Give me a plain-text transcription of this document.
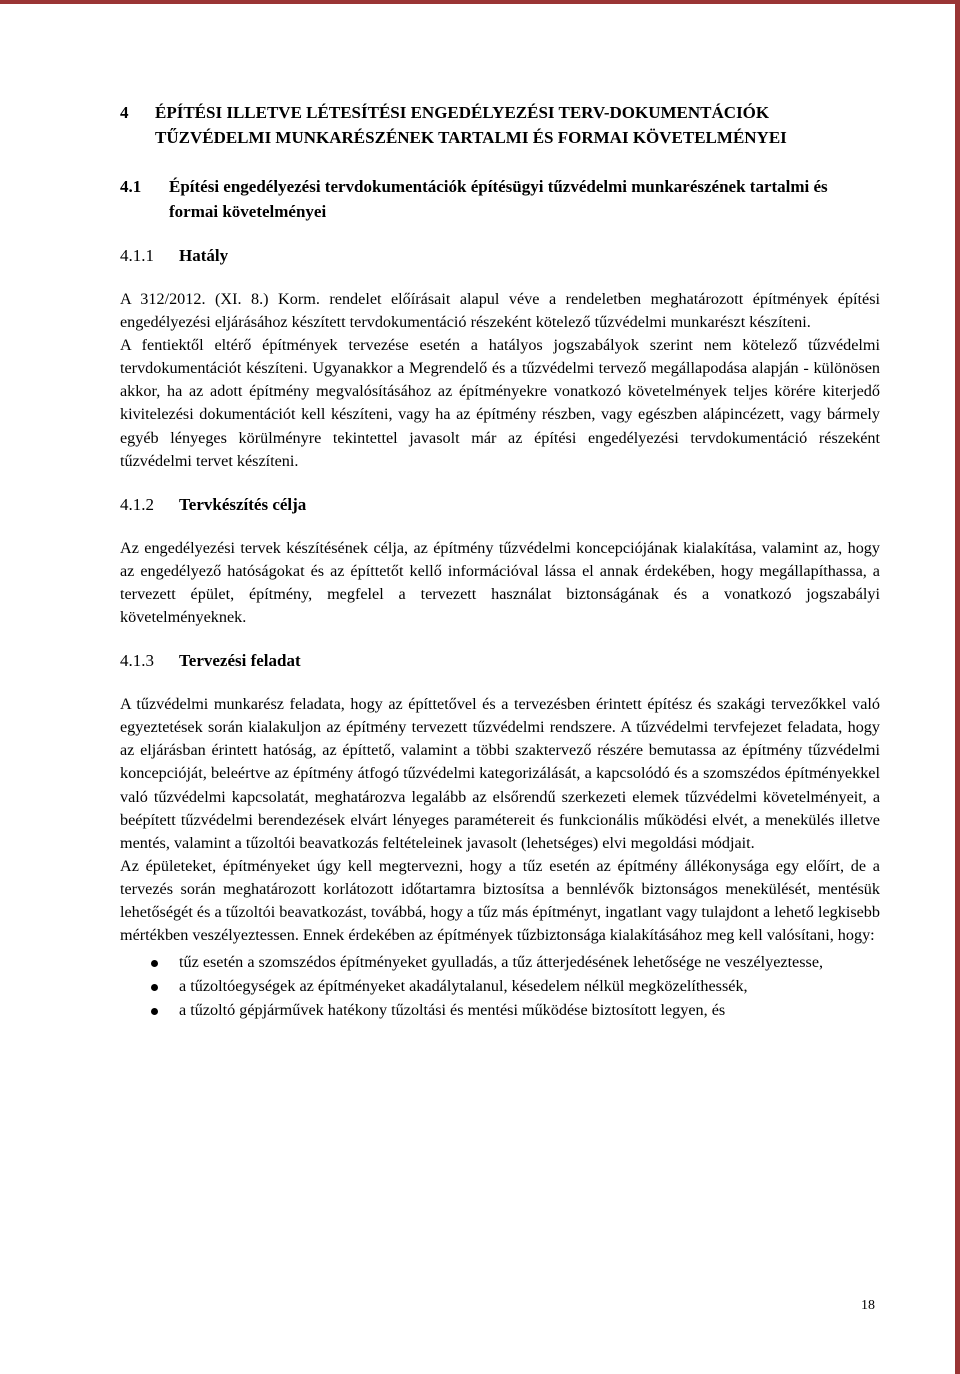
4	ÉPÍTÉSI ILLETVE LÉTESÍTÉSI ENGEDÉLYEZÉSI TERV-DOKUMENTÁCIÓK TŰZVÉDELMI MUNKARÉSZÉNEK TARTALMI ÉS FORMAI KÖVETELMÉNYEI
4.1	Építési engedélyezési tervdokumentációk építésügyi tűzvédelmi munkarészének tartalmi és formai követelményei
4.1.1	Hatály

A 312/2012. (XI. 8.) Korm. rendelet előírásait alapul véve a rendeletben meghatározott építmények építési engedélyezési eljárásához készített tervdokumentáció részeként kötelező tűzvédelmi munkarészt készíteni.

A fentiektől eltérő építmények tervezése esetén a hatályos jogszabályok szerint nem kötelező tűzvédelmi tervdokumentációt készíteni. Ugyanakkor a Megrendelő és a tűzvédelmi tervező megállapodása alapján - különösen akkor, ha az adott építmény megvalósításához az építményekre vonatkozó követelmények teljes körére kiterjedő kivitelezési dokumentációt kell készíteni, vagy ha az építmény részben, vagy egészben alápincézett, vagy bármely egyéb lényeges körülményre tekintettel javasolt már az építési engedélyezési tervdokumentáció részeként tűzvédelmi tervet készíteni.

4.1.2	Tervkészítés célja

Az engedélyezési tervek készítésének célja, az építmény tűzvédelmi koncepciójának kialakítása, valamint az, hogy az engedélyező hatóságokat és az építtetőt kellő információval lássa el annak érdekében, hogy megállapíthassa, a tervezett épület, építmény, megfelel a tervezett használat biztonságának és a vonatkozó jogszabályi követelményeknek.

4.1.3	Tervezési feladat

A tűzvédelmi munkarész feladata, hogy az építtetővel és a tervezésben érintett építész és szakági tervezőkkel való egyeztetések során kialakuljon az építmény tervezett tűzvédelmi rendszere. A tűzvédelmi tervfejezet feladata, hogy az eljárásban érintett hatóság, az építtető, valamint a többi szaktervező részére bemutassa az építmény tűzvédelmi koncepcióját, beleértve az építmény átfogó tűzvédelmi kategorizálását, a kapcsolódó és a szomszédos építményekkel való tűzvédelmi kapcsolatát, meghatározva legalább az elsőrendű szerkezeti elemek tűzvédelmi követelményeit, a beépített tűzvédelmi berendezések elvárt lényeges paramétereit és funkcionális működési elvét, a menekülés illetve mentés, valamint a tűzoltói beavatkozás feltételeinek javasolt (lehetséges) elvi megoldási módjait.

Az épületeket, építményeket úgy kell megtervezni, hogy a tűz esetén az építmény állékonysága egy előírt, de a tervezés során meghatározott korlátozott időtartamra biztosítsa a bennlévők biztonságos menekülését, mentésük lehetőségét és a tűzoltói beavatkozást, továbbá, hogy a tűz más építményt, ingatlant vagy tulajdont a lehető legkisebb mértékben veszélyeztessen. Ennek érdekében az építmények tűzbiztonsága kialakításához meg kell valósítani, hogy:

tűz esetén a szomszédos építményeket gyulladás, a tűz átterjedésének lehetősége ne veszélyeztesse,
a tűzoltóegységek az építményeket akadálytalanul, késedelem nélkül megközelíthessék,
a tűzoltó gépjárművek hatékony tűzoltási és mentési működése biztosított legyen, és
18
